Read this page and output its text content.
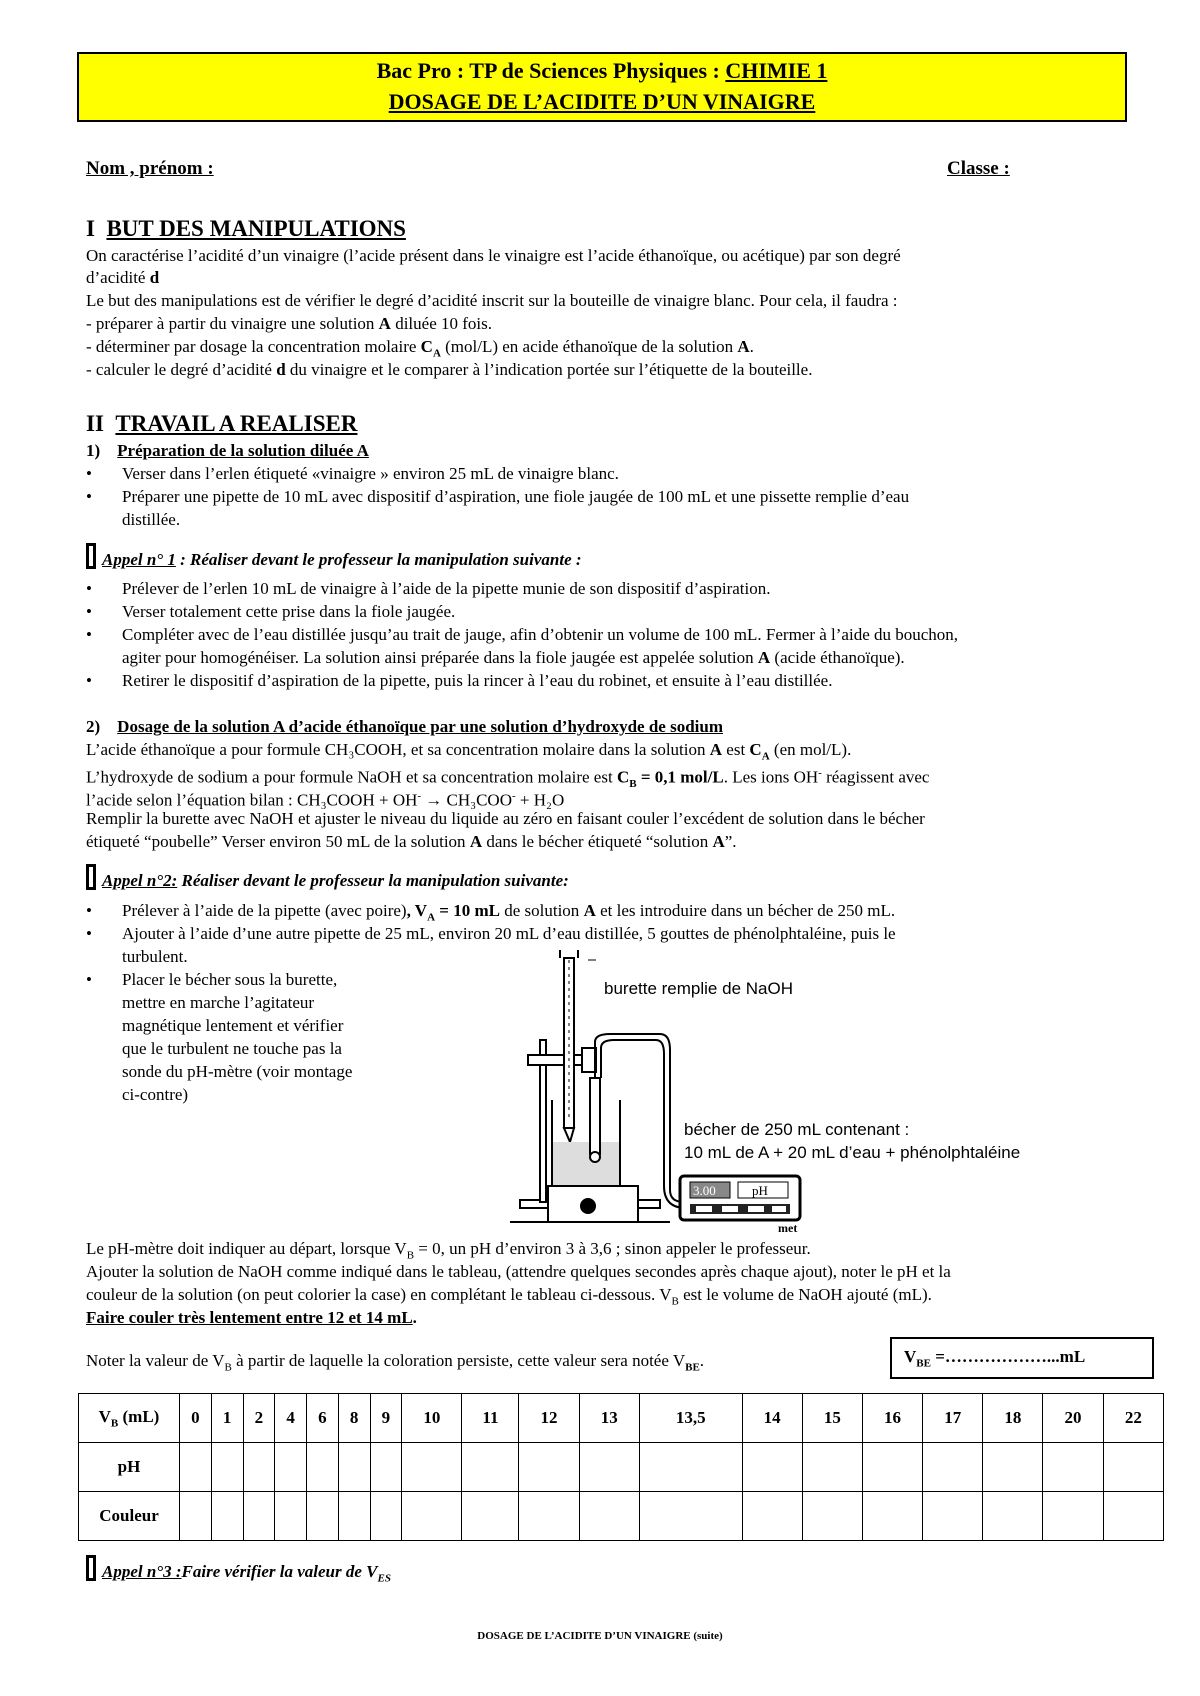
Bac Pro : TP de Sciences Physiques : CHIMIE 1
DOSAGE DE L’ACIDITE D’UN VINAIGRE
Nom , prénom :	Classe :
I BUT DES MANIPULATIONS
On caractérise l’acidité d’un vinaigre (l’acide présent dans le vinaigre est l’acide éthanoïque, ou acétique) par son degré
d’acidité d
Le but des manipulations est de vérifier le degré d’acidité inscrit sur la bouteille de vinaigre blanc. Pour cela, il faudra :
- préparer à partir du vinaigre une solution A diluée 10 fois.
- déterminer par dosage la concentration molaire $C_A$ (mol/L) en acide éthanoïque de la solution A.
- calculer le degré d’acidité d du vinaigre et le comparer à l’indication portée sur l’étiquette de la bouteille.
II TRAVAIL A REALISER
1) Préparation de la solution diluée A
• Verser dans l’erlen étiqueté «vinaigre » environ 25 mL de vinaigre blanc.
• Préparer une pipette de 10 mL avec dispositif d’aspiration, une fiole jaugée de 100 mL et une pissette remplie d’eau
distillée.
Appel n° 1 : Réaliser devant le professeur la manipulation suivante :
• Prélever de l’erlen 10 mL de vinaigre à l’aide de la pipette munie de son dispositif d’aspiration.
• Verser totalement cette prise dans la fiole jaugée.
• Compléter avec de l’eau distillée jusqu’au trait de jauge, afin d’obtenir un volume de 100 mL. Fermer à l’aide du bouchon,
agiter pour homogénéiser. La solution ainsi préparée dans la fiole jaugée est appelée solution A (acide éthanoïque).
• Retirer le dispositif d’aspiration de la pipette, puis la rincer à l’eau du robinet, et ensuite à l’eau distillée.
2) Dosage de la solution A d’acide éthanoïque par une solution d’hydroxyde de sodium
L’acide éthanoïque a pour formule CH₃COOH, et sa concentration molaire dans la solution A est $C_A$ (en mol/L).
L’hydroxyde de sodium a pour formule NaOH et sa concentration molaire est $C_B = 0,1$ mol/L. Les ions OH- réagissent avec
l’acide selon l’équation bilan : CH₃COOH + OH- → CH₃COO- + H₂O
Remplir la burette avec NaOH et ajuster le niveau du liquide au zéro en faisant couler l’excédent de solution dans le bécher
étiqueté “poubelle” Verser environ 50 mL de la solution A dans le bécher étiqueté “solution A”.
Appel n°2: Réaliser devant le professeur la manipulation suivante:
• Prélever à l’aide de la pipette (avec poire), $V_A = 10$ mL de solution A et les introduire dans un bécher de 250 mL.
• Ajouter à l’aide d’une autre pipette de 25 mL, environ 20 mL d’eau distillée, 5 gouttes de phénolphtaléine, puis le
turbulent.
• Placer le bécher sous la burette,
mettre en marche l’agitateur
magnétique lentement et vérifier
que le turbulent ne touche pas la
sonde du pH-mètre (voir montage
ci-contre)
3.00	pH
met
burette remplie de NaOH
bécher de 250 mL contenant :
10 mL de A + 20 mL d’eau + phénolphtaléine
Le pH-mètre doit indiquer au départ, lorsque $V_B = 0$, un pH d’environ 3 à 3,6 ; sinon appeler le professeur.
Ajouter la solution de NaOH comme indiqué dans le tableau, (attendre quelques secondes après chaque ajout), noter le pH et la
couleur de la solution (on peut colorier la case) en complétant le tableau ci-dessous. $V_B$ est le volume de NaOH ajouté (mL).
Faire couler très lentement entre 12 et 14 mL.
Noter la valeur de $V_B$ à partir de laquelle la coloration persiste, cette valeur sera notée $V_{BE}$.	$V_{BE}$ =………………...mL
$V_B$ (mL)	0	1	2	4	6	8	9	10	11	12	13	13,5	14	15	16	17	18	20	22
pH																			
Couleur																			
Appel n°3 :Faire vérifier la valeur de $V_{ES}$
DOSAGE DE L’ACIDITE D’UN VINAIGRE (suite)
